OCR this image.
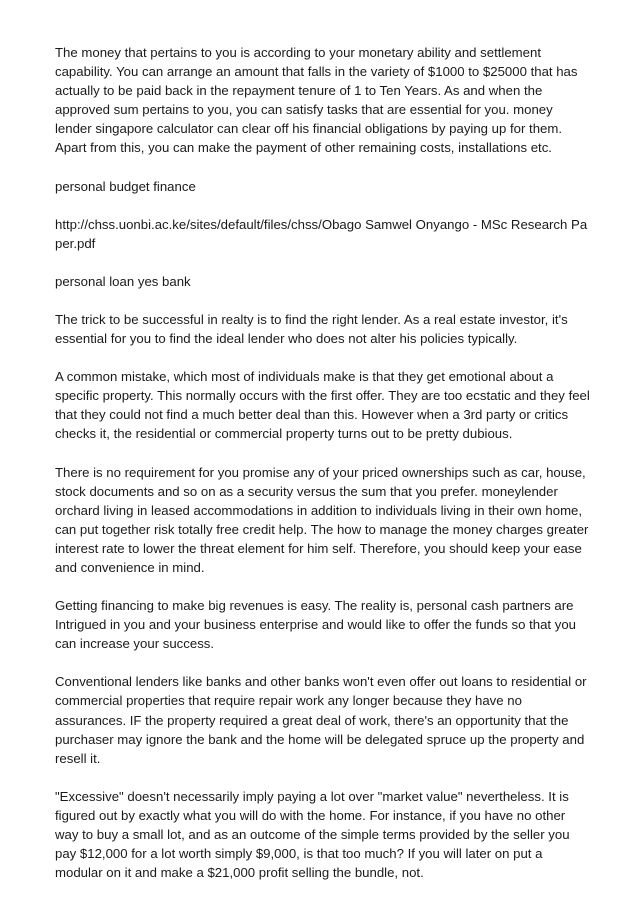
The money that pertains to you is according to your monetary ability and settlement capability. You can arrange an amount that falls in the variety of $1000 to $25000 that has actually to be paid back in the repayment tenure of 1 to Ten Years. As and when the approved sum pertains to you, you can satisfy tasks that are essential for you. money lender singapore calculator can clear off his financial obligations by paying up for them. Apart from this, you can make the payment of other remaining costs, installations etc.

personal budget finance

http://chss.uonbi.ac.ke/sites/default/files/chss/Obago Samwel Onyango - MSc Research Paper.pdf

personal loan yes bank

The trick to be successful in realty is to find the right lender. As a real estate investor, it's essential for you to find the ideal lender who does not alter his policies typically.

A common mistake, which most of individuals make is that they get emotional about a specific property. This normally occurs with the first offer. They are too ecstatic and they feel that they could not find a much better deal than this. However when a 3rd party or critics checks it, the residential or commercial property turns out to be pretty dubious.

There is no requirement for you promise any of your priced ownerships such as car, house, stock documents and so on as a security versus the sum that you prefer. moneylender orchard living in leased accommodations in addition to individuals living in their own home, can put together risk totally free credit help. The how to manage the money charges greater interest rate to lower the threat element for him self. Therefore, you should keep your ease and convenience in mind.

Getting financing to make big revenues is easy. The reality is, personal cash partners are Intrigued in you and your business enterprise and would like to offer the funds so that you can increase your success.

Conventional lenders like banks and other banks won't even offer out loans to residential or commercial properties that require repair work any longer because they have no assurances. IF the property required a great deal of work, there's an opportunity that the purchaser may ignore the bank and the home will be delegated spruce up the property and resell it.

"Excessive" doesn't necessarily imply paying a lot over "market value" nevertheless. It is figured out by exactly what you will do with the home. For instance, if you have no other way to buy a small lot, and as an outcome of the simple terms provided by the seller you pay $12,000 for a lot worth simply $9,000, is that too much? If you will later on put a modular on it and make a $21,000 profit selling the bundle, not.
